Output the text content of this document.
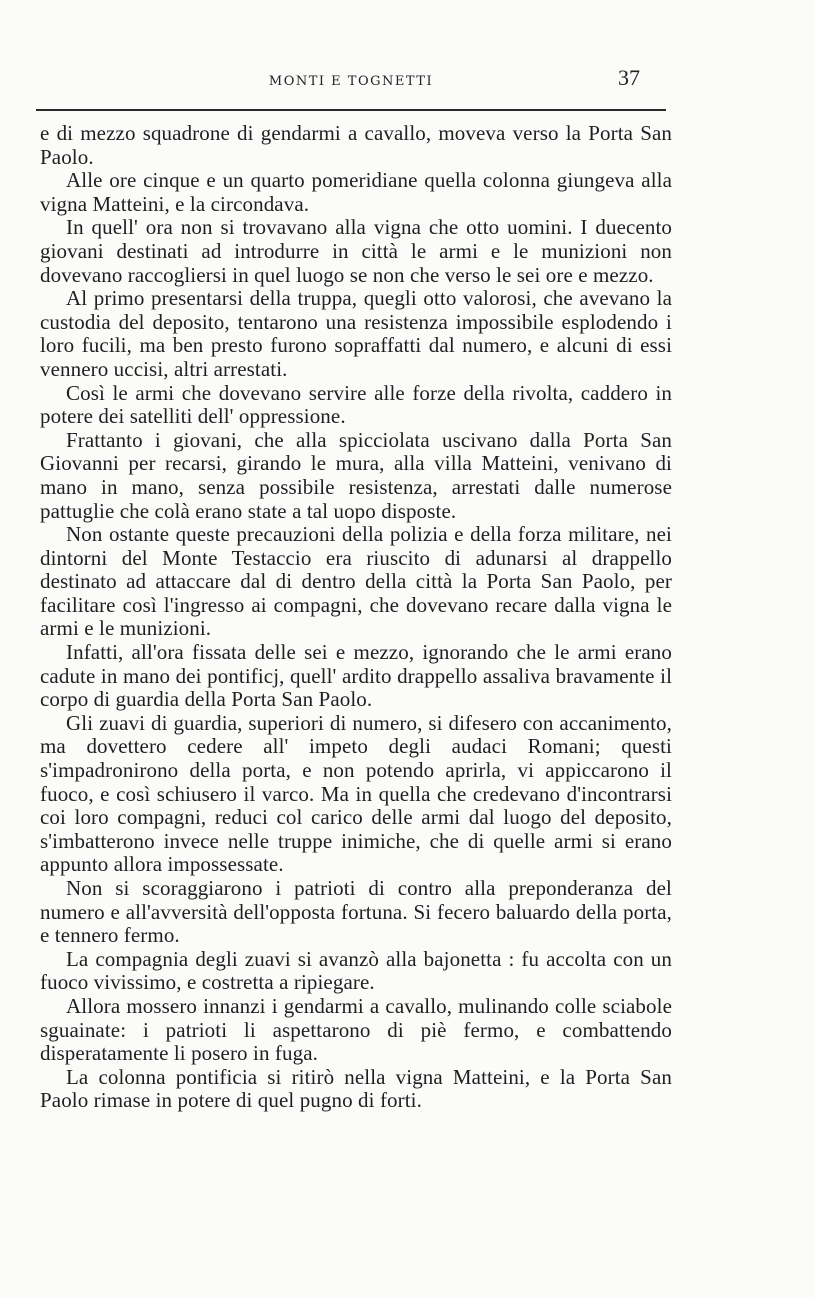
MONTI E TOGNETTI	37

e di mezzo squadrone di gendarmi a cavallo, moveva verso la Porta San Paolo.

Alle ore cinque e un quarto pomeridiane quella colonna giungeva alla vigna Matteini, e la circondava.

In quell' ora non si trovavano alla vigna che otto uomini. I duecento giovani destinati ad introdurre in città le armi e le munizioni non dovevano raccogliersi in quel luogo se non che verso le sei ore e mezzo.

Al primo presentarsi della truppa, quegli otto valorosi, che avevano la custodia del deposito, tentarono una resistenza impossibile esplodendo i loro fucili, ma ben presto furono sopraffatti dal numero, e alcuni di essi vennero uccisi, altri arrestati.

Così le armi che dovevano servire alle forze della rivolta, caddero in potere dei satelliti dell' oppressione.

Frattanto i giovani, che alla spicciolata uscivano dalla Porta San Giovanni per recarsi, girando le mura, alla villa Matteini, venivano di mano in mano, senza possibile resistenza, arrestati dalle numerose pattuglie che colà erano state a tal uopo disposte.

Non ostante queste precauzioni della polizia e della forza militare, nei dintorni del Monte Testaccio era riuscito di adunarsi al drappello destinato ad attaccare dal di dentro della città la Porta San Paolo, per facilitare così l'ingresso ai compagni, che dovevano recare dalla vigna le armi e le munizioni.

Infatti, all'ora fissata delle sei e mezzo, ignorando che le armi erano cadute in mano dei pontificj, quell' ardito drappello assaliva bravamente il corpo di guardia della Porta San Paolo.

Gli zuavi di guardia, superiori di numero, si difesero con accanimento, ma dovettero cedere all' impeto degli audaci Romani; questi s'impadronirono della porta, e non potendo aprirla, vi appiccarono il fuoco, e così schiusero il varco. Ma in quella che credevano d'incontrarsi coi loro compagni, reduci col carico delle armi dal luogo del deposito, s'imbatterono invece nelle truppe inimiche, che di quelle armi si erano appunto allora impossessate.

Non si scoraggiarono i patrioti di contro alla preponderanza del numero e all'avversità dell'opposta fortuna. Si fecero baluardo della porta, e tennero fermo.

La compagnia degli zuavi si avanzò alla bajonetta : fu accolta con un fuoco vivissimo, e costretta a ripiegare.

Allora mossero innanzi i gendarmi a cavallo, mulinando colle sciabole sguainate: i patrioti li aspettarono di piè fermo, e combattendo disperatamente li posero in fuga.

La colonna pontificia si ritirò nella vigna Matteini, e la Porta San Paolo rimase in potere di quel pugno di forti.
